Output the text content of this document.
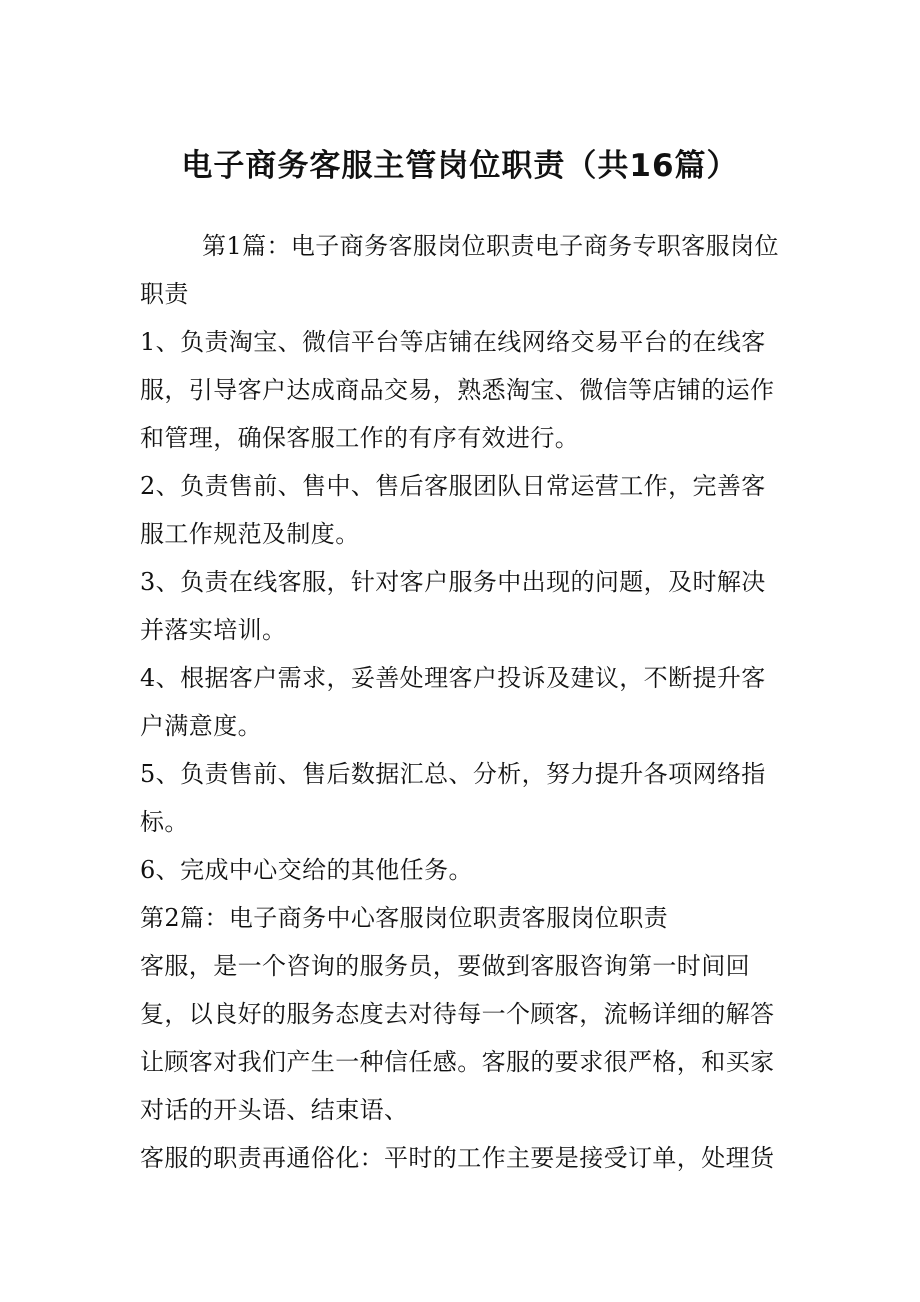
电子商务客服主管岗位职责（共16篇）

第1篇：电子商务客服岗位职责电子商务专职客服岗位职责

1、负责淘宝、微信平台等店铺在线网络交易平台的在线客服，引导客户达成商品交易，熟悉淘宝、微信等店铺的运作和管理，确保客服工作的有序有效进行。

2、负责售前、售中、售后客服团队日常运营工作，完善客服工作规范及制度。

3、负责在线客服，针对客户服务中出现的问题，及时解决并落实培训。

4、根据客户需求，妥善处理客户投诉及建议，不断提升客户满意度。

5、负责售前、售后数据汇总、分析，努力提升各项网络指标。

6、完成中心交给的其他任务。

第2篇：电子商务中心客服岗位职责客服岗位职责

客服，是一个咨询的服务员，要做到客服咨询第一时间回复，以良好的服务态度去对待每一个顾客，流畅详细的解答让顾客对我们产生一种信任感。客服的要求很严格，和买家对话的开头语、结束语、

客服的职责再通俗化：平时的工作主要是接受订单，处理货
